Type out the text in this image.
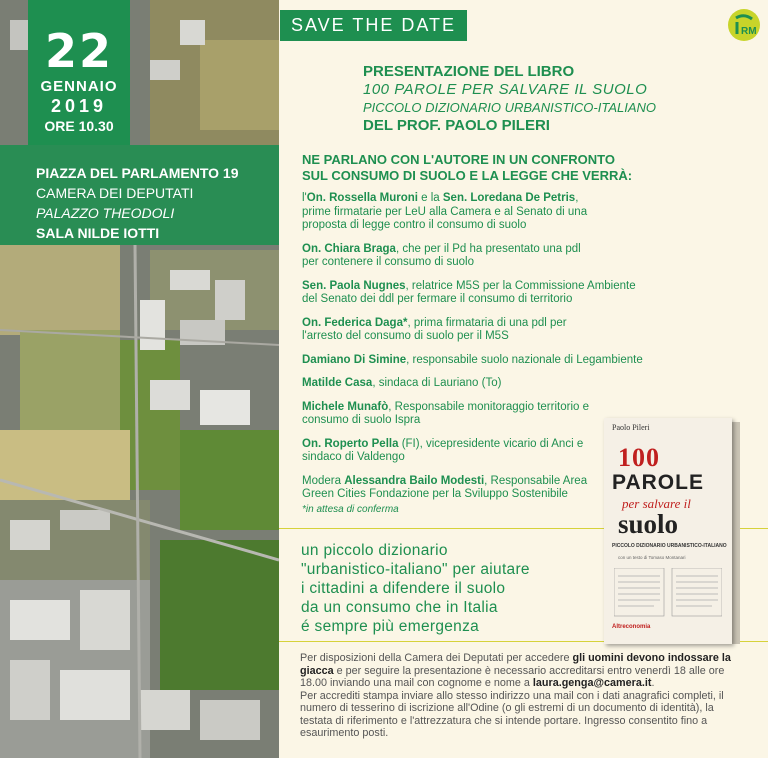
22
GENNAIO
2019
ORE 10.30
PIAZZA DEL PARLAMENTO 19
CAMERA DEI DEPUTATI
PALAZZO THEODOLI
SALA NILDE IOTTI
SAVE THE DATE	RM
PRESENTAZIONE DEL LIBRO
100 PAROLE PER SALVARE IL SUOLO
PICCOLO DIZIONARIO URBANISTICO-ITALIANO
DEL PROF. PAOLO PILERI
NE PARLANO CON L'AUTORE IN UN CONFRONTO
SUL CONSUMO DI SUOLO E LA LEGGE CHE VERRÀ:
l'On. Rossella Muroni e la Sen. Loredana De Petris, prime firmatarie per LeU alla Camera e al Senato di una proposta di legge contro il consumo di suolo
On. Chiara Braga, che per il Pd ha presentato una pdl per contenere il consumo di suolo
Sen. Paola Nugnes, relatrice M5S per la Commissione Ambiente del Senato dei ddl per fermare il consumo di territorio
On. Federica Daga*, prima firmataria di una pdl per l'arresto del consumo di suolo per il M5S
Damiano Di Simine, responsabile suolo nazionale di Legambiente
Matilde Casa, sindaca di Lauriano (To)
Michele Munafò, Responsabile monitoraggio territorio e consumo di suolo Ispra
On. Roperto Pella (FI), vicepresidente vicario di Anci e sindaco di Valdengo
Modera Alessandra Bailo Modesti, Responsabile Area Green Cities Fondazione per la Sviluppo Sostenibile
*in attesa di conferma
un piccolo dizionario
"urbanistico-italiano" per aiutare
i cittadini a difendere il suolo
da un consumo che in Italia
é sempre più emergenza
Paolo Pileri
100
PAROLE
per salvare il
suolo
PICCOLO DIZIONARIO URBANISTICO-ITALIANO
con un testo di Tomaso Montanari
Altreconomia
Per disposizioni della Camera dei Deputati per accedere gli uomini devono indossare la giacca e per seguire la presentazione è necessario accreditarsi entro venerdì 18 alle ore 18.00 inviando una mail con cognome e nome a laura.genga@camera.it.
Per accrediti stampa inviare allo stesso indirizzo una mail con i dati anagrafici completi, il numero di tesserino di iscrizione all'Odine (o gli estremi di un documento di identità), la testata di riferimento e l'attrezzatura che si intende portare. Ingresso consentito fino a esaurimento posti.
